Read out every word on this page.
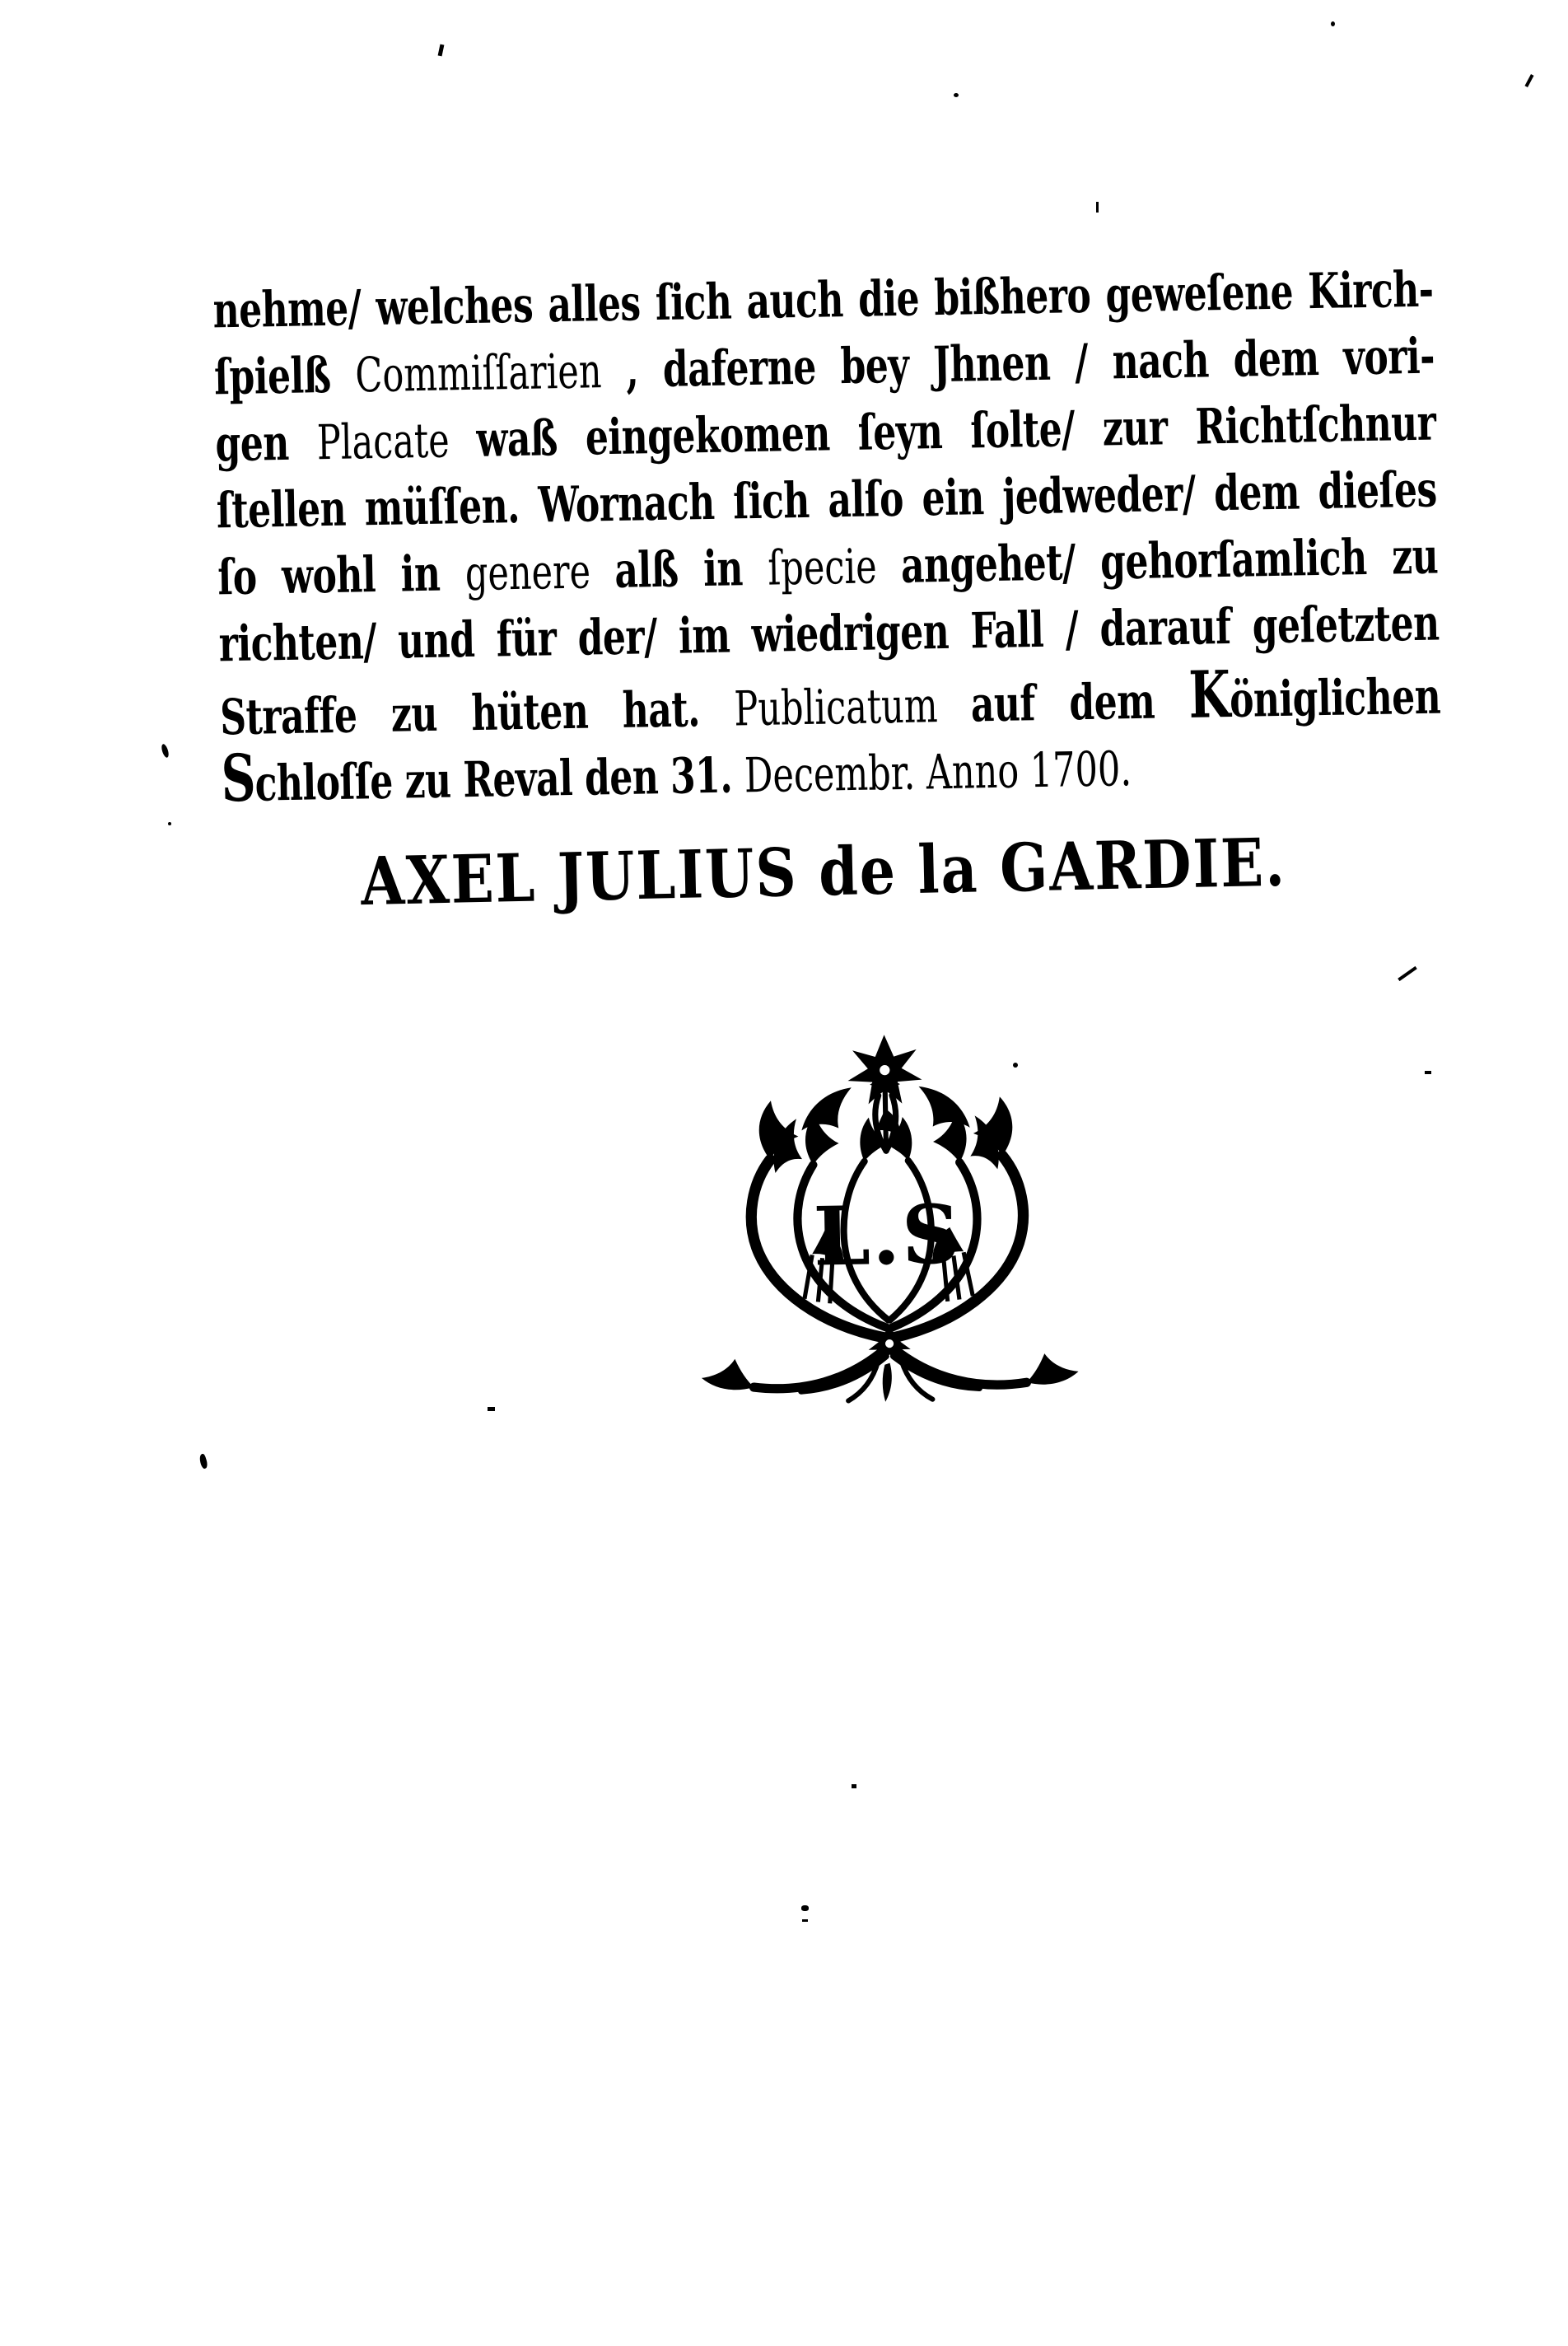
nehme/ welches alles ſich auch die bißhero geweſene Kirch-
ſpielß Commiſſarien , daferne bey Jhnen / nach dem vori-
gen Placate waß eingekomen ſeyn ſolte/ zur Richtſchnur
ſtellen müſſen. Wornach ſich alſo ein jedweder/ dem dieſes
ſo wohl in genere alß in ſpecie angehet/ gehorſamlich zu
richten/ und für der/ im wiedrigen Fall / darauf geſetzten
Straffe zu hüten hat. Publicatum auf dem Königlichen
Schloſſe zu Reval den 31. Decembr. Anno 1700.
AXEL JULIUS de la GARDIE.
L.S
